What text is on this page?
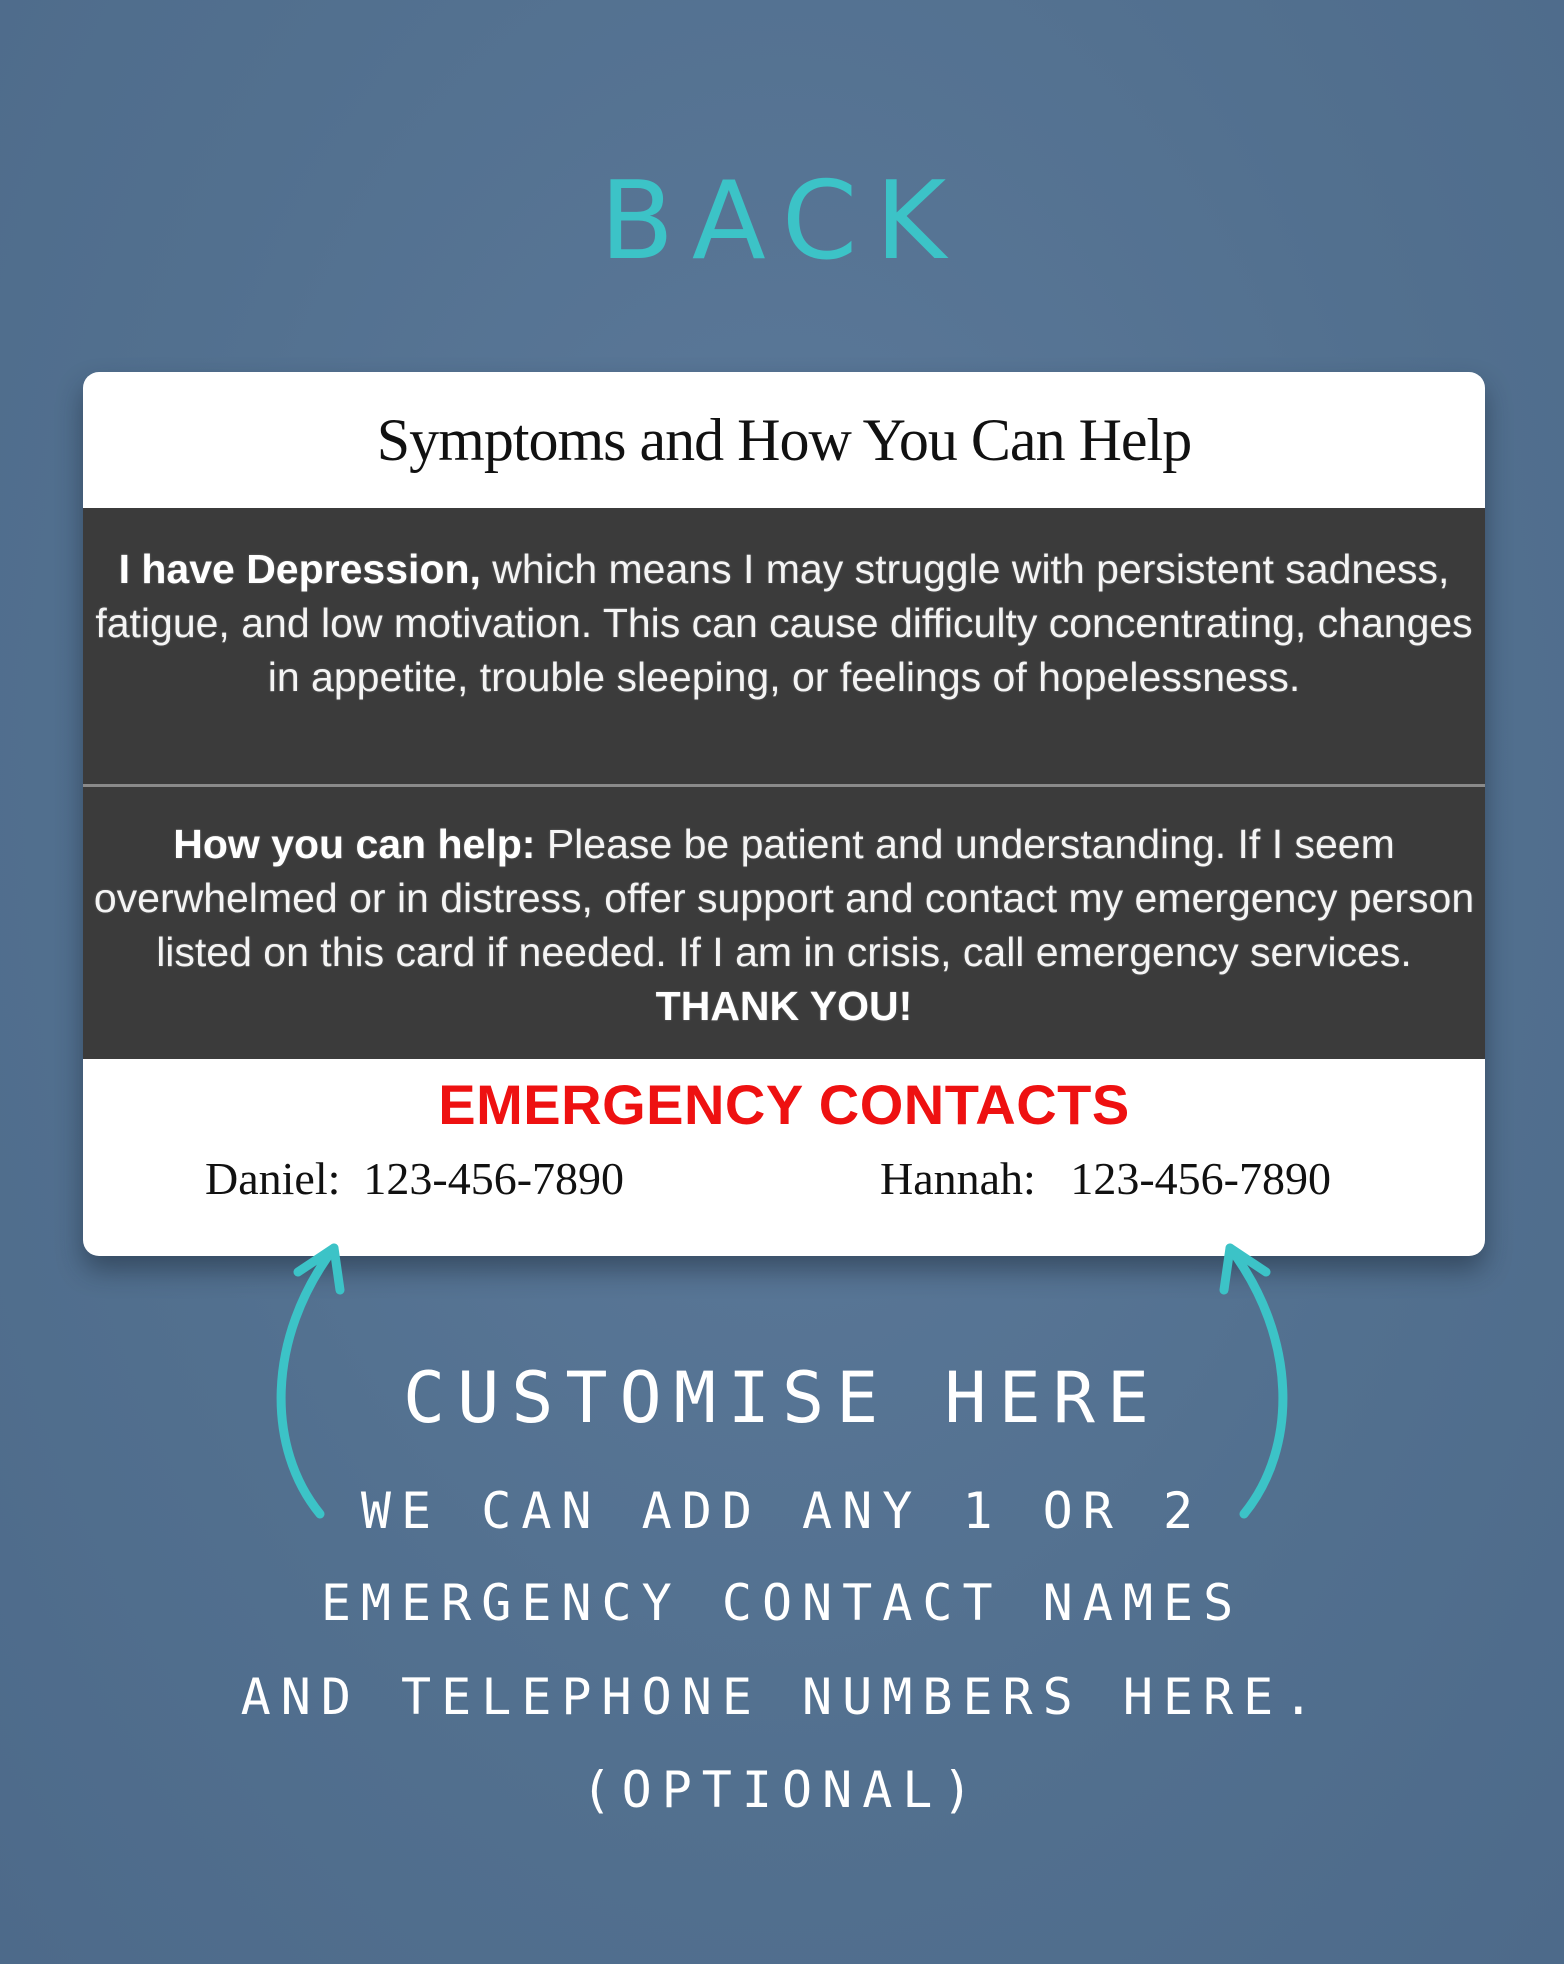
BACK
Symptoms and How You Can Help
I have Depression, which means I may struggle with persistent sadness, fatigue, and low motivation. This can cause difficulty concentrating, changes in appetite, trouble sleeping, or feelings of hopelessness.
How you can help: Please be patient and understanding. If I seem overwhelmed or in distress, offer support and contact my emergency person listed on this card if needed. If I am in crisis, call emergency services. THANK YOU!
EMERGENCY CONTACTS
Daniel: 123-456-7890	Hannah: 123-456-7890
CUSTOMISE HERE
WE CAN ADD ANY 1 OR 2
EMERGENCY CONTACT NAMES
AND TELEPHONE NUMBERS HERE.
(OPTIONAL)
